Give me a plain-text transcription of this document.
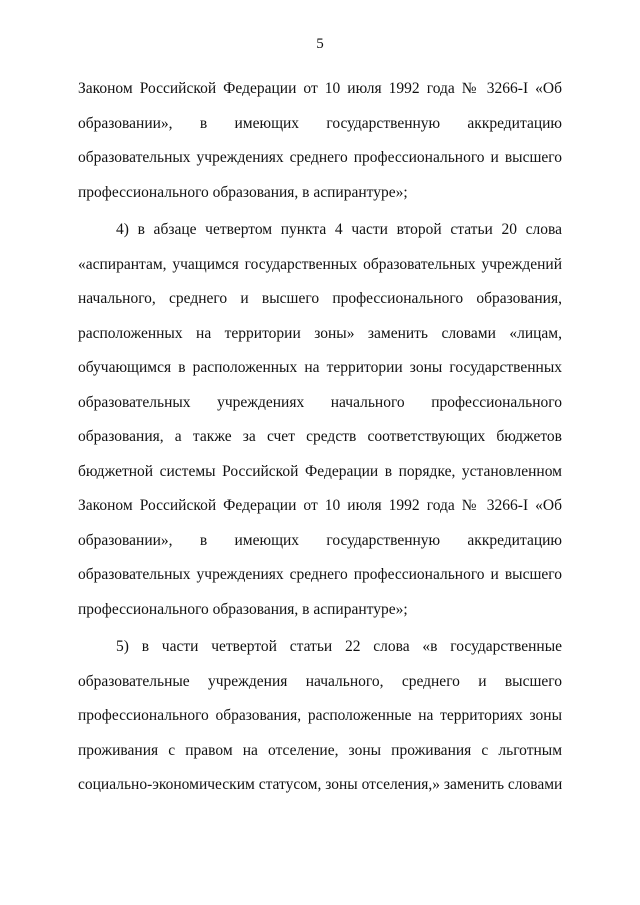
5
Законом Российской Федерации от 10 июля 1992 года № 3266-I «Об
образовании», в имеющих государственную аккредитацию
образовательных учреждениях среднего профессионального и высшего
профессионального образования, в аспирантуре»;
4) в абзаце четвертом пункта 4 части второй статьи 20 слова
«аспирантам, учащимся государственных образовательных учреждений
начального, среднего и высшего профессионального образования,
расположенных на территории зоны» заменить словами «лицам,
обучающимся в расположенных на территории зоны государственных
образовательных учреждениях начального профессионального
образования, а также за счет средств соответствующих бюджетов
бюджетной системы Российской Федерации в порядке, установленном
Законом Российской Федерации от 10 июля 1992 года № 3266-I «Об
образовании», в имеющих государственную аккредитацию
образовательных учреждениях среднего профессионального и высшего
профессионального образования, в аспирантуре»;
5) в части четвертой статьи 22 слова «в государственные
образовательные учреждения начального, среднего и высшего
профессионального образования, расположенные на территориях зоны
проживания с правом на отселение, зоны проживания с льготным
социально-экономическим статусом, зоны отселения,» заменить словами
